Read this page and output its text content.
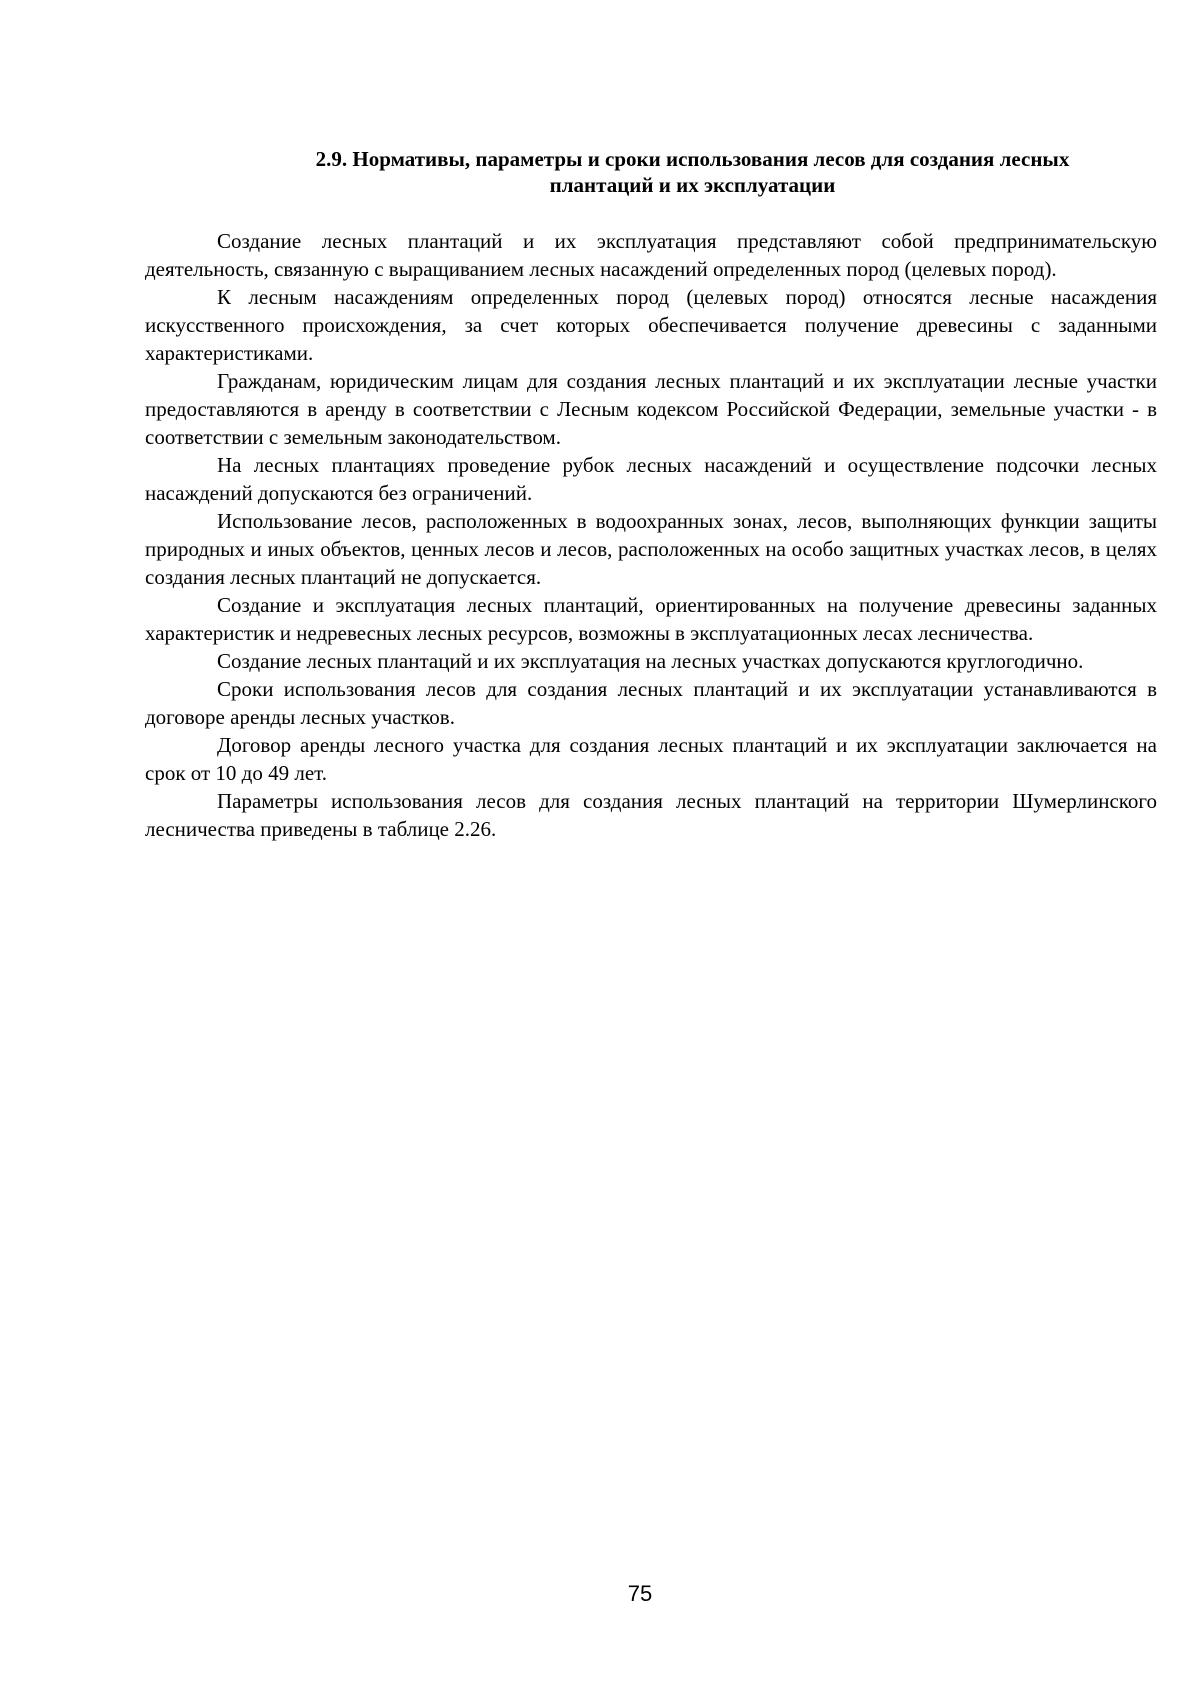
2.9. Нормативы, параметры и сроки использования лесов для создания лесных
плантаций и их эксплуатации

Создание лесных плантаций и их эксплуатация представляют собой предпринимательскую деятельность, связанную с выращиванием лесных насаждений определенных пород (целевых пород).

К лесным насаждениям определенных пород (целевых пород) относятся лесные насаждения искусственного происхождения, за счет которых обеспечивается получение древесины с заданными характеристиками.

Гражданам, юридическим лицам для создания лесных плантаций и их эксплуатации лесные участки предоставляются в аренду в соответствии с Лесным кодексом Российской Федерации, земельные участки - в соответствии с земельным законодательством.

На лесных плантациях проведение рубок лесных насаждений и осуществление подсочки лесных насаждений допускаются без ограничений.

Использование лесов, расположенных в водоохранных зонах, лесов, выполняющих функции защиты природных и иных объектов, ценных лесов и лесов, расположенных на особо защитных участках лесов, в целях создания лесных плантаций не допускается.

Создание и эксплуатация лесных плантаций, ориентированных на получение древесины заданных характеристик и недревесных лесных ресурсов, возможны в эксплуатационных лесах лесничества.

Создание лесных плантаций и их эксплуатация на лесных участках допускаются круглогодично.

Сроки использования лесов для создания лесных плантаций и их эксплуатации устанавливаются в договоре аренды лесных участков.

Договор аренды лесного участка для создания лесных плантаций и их эксплуатации заключается на срок от 10 до 49 лет.

Параметры использования лесов для создания лесных плантаций на территории Шумерлинского лесничества приведены в таблице 2.26.

75
